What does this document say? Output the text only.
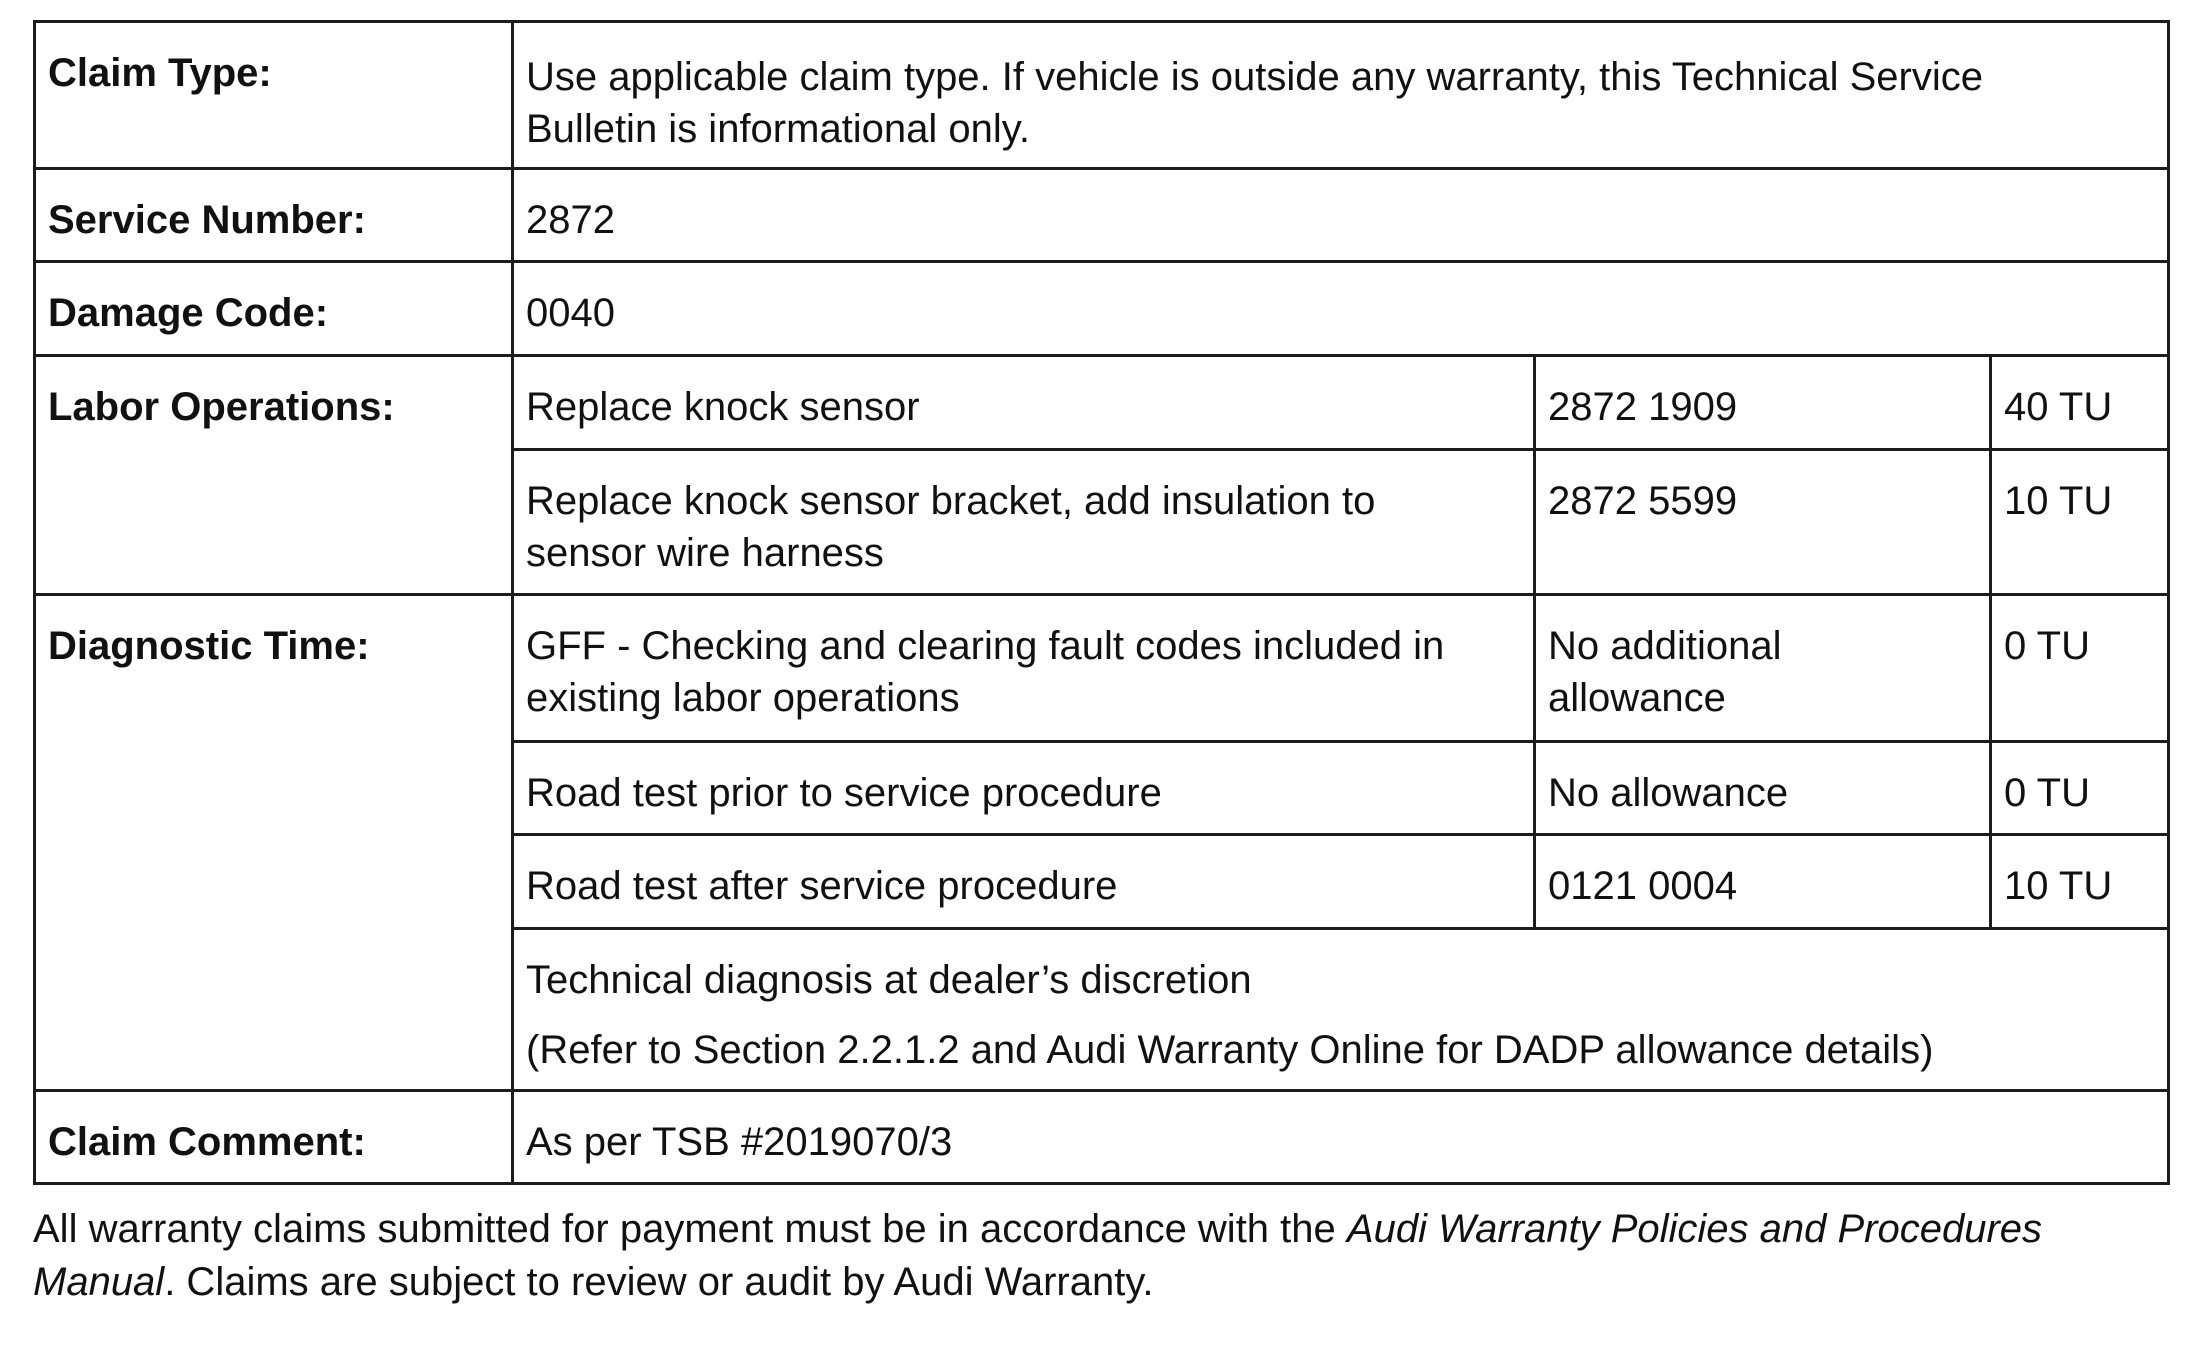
Claim Type:	Use applicable claim type. If vehicle is outside any warranty, this Technical Service Bulletin is informational only.		
Service Number:	2872		
Damage Code:	0040		
Labor Operations:	Replace knock sensor	2872 1909	40 TU
	Replace knock sensor bracket, add insulation to sensor wire harness	2872 5599	10 TU
Diagnostic Time:	GFF - Checking and clearing fault codes included in existing labor operations	No additional allowance	0 TU
	Road test prior to service procedure	No allowance	0 TU
	Road test after service procedure	0121 0004	10 TU

	Technical diagnosis at dealer’s discretion
(Refer to Section 2.2.1.2 and Audi Warranty Online for DADP allowance details)		

Claim Comment:	As per TSB #2019070/3		

All warranty claims submitted for payment must be in accordance with the Audi Warranty Policies and Procedures Manual. Claims are subject to review or audit by Audi Warranty.
